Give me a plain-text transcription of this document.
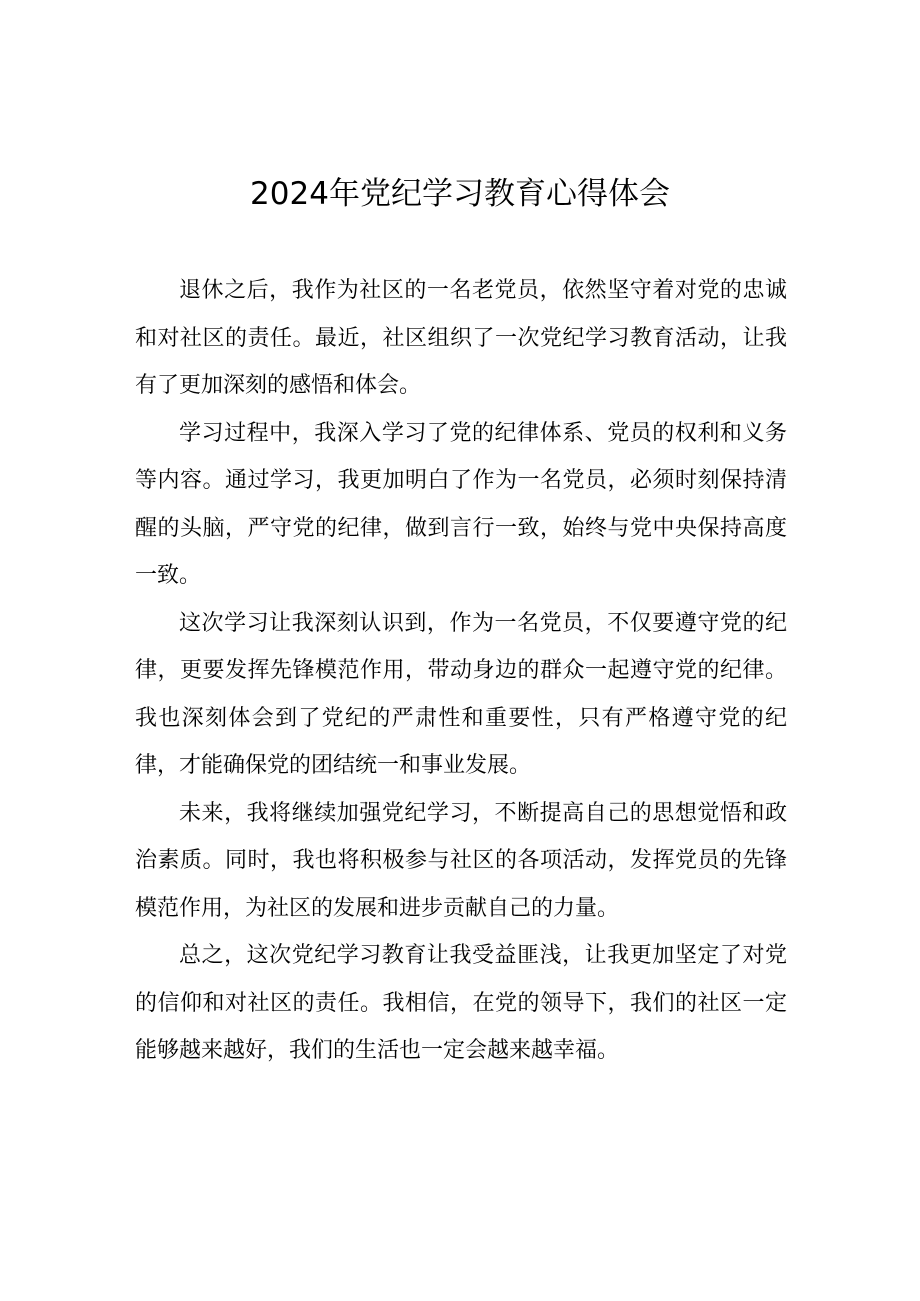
2024年党纪学习教育心得体会

退休之后，我作为社区的一名老党员，依然坚守着对党的忠诚和对社区的责任。最近，社区组织了一次党纪学习教育活动，让我有了更加深刻的感悟和体会。

学习过程中，我深入学习了党的纪律体系、党员的权利和义务等内容。通过学习，我更加明白了作为一名党员，必须时刻保持清醒的头脑，严守党的纪律，做到言行一致，始终与党中央保持高度一致。

这次学习让我深刻认识到，作为一名党员，不仅要遵守党的纪律，更要发挥先锋模范作用，带动身边的群众一起遵守党的纪律。我也深刻体会到了党纪的严肃性和重要性，只有严格遵守党的纪律，才能确保党的团结统一和事业发展。

未来，我将继续加强党纪学习，不断提高自己的思想觉悟和政治素质。同时，我也将积极参与社区的各项活动，发挥党员的先锋模范作用，为社区的发展和进步贡献自己的力量。

总之，这次党纪学习教育让我受益匪浅，让我更加坚定了对党的信仰和对社区的责任。我相信，在党的领导下，我们的社区一定能够越来越好，我们的生活也一定会越来越幸福。
